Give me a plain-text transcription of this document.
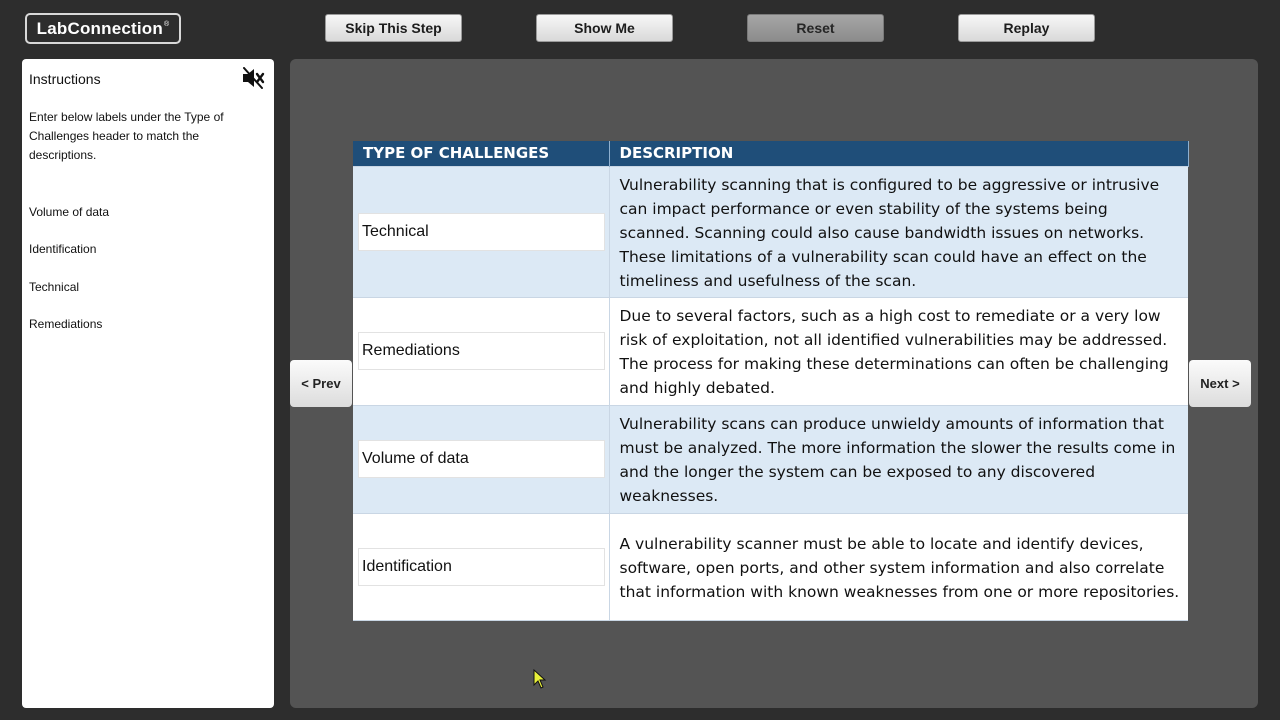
LabConnection®	Skip This Step	Show Me	Reset	Replay
Instructions
Enter below labels under the Type of Challenges header to match the descriptions.
Volume of data
Identification
Technical
Remediations
< Prev	Next >
TYPE OF CHALLENGES	DESCRIPTION

Technical	Vulnerability scanning that is configured to be aggressive or intrusive can impact performance or even stability of the systems being scanned. Scanning could also cause bandwidth issues on networks. These limitations of a vulnerability scan could have an effect on the timeliness and usefulness of the scan.

Remediations	Due to several factors, such as a high cost to remediate or a very low risk of exploitation, not all identified vulnerabilities may be addressed. The process for making these determinations can often be challenging and highly debated.

Volume of data	Vulnerability scans can produce unwieldy amounts of information that must be analyzed. The more information the slower the results come in and the longer the system can be exposed to any discovered weaknesses.

Identification	A vulnerability scanner must be able to locate and identify devices, software, open ports, and other system information and also correlate that information with known weaknesses from one or more repositories.
